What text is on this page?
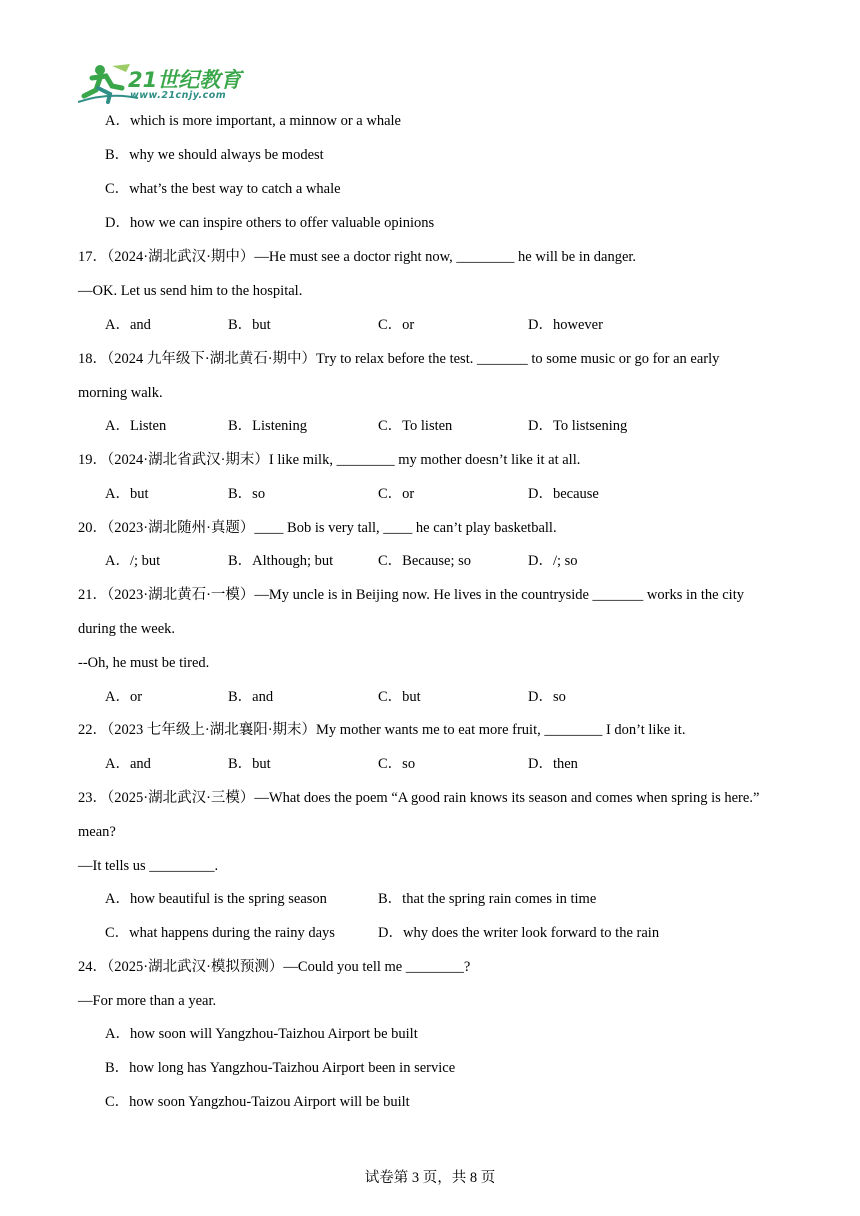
21世纪教育
www.21cnjy.com
A．which is more important, a minnow or a whale
B．why we should always be modest
C．what’s the best way to catch a whale
D．how we can inspire others to offer valuable opinions
17．（2024·湖北武汉·期中）—He must see a doctor right now, ________ he will be in danger.
—OK. Let us send him to the hospital.
A．and	B．but	C．or	D．however
18．（2024 九年级下·湖北黄石·期中）Try to relax before the test. _______ to some music or go for an early
morning walk.
A．Listen	B．Listening	C．To listen	D．To listsening
19．（2024·湖北省武汉·期末）I like milk, ________ my mother doesn’t like it at all.
A．but	B．so	C．or	D．because
20．（2023·湖北随州·真题）____ Bob is very tall, ____ he can’t play basketball.
A．/; but	B．Although; but	C．Because; so	D．/; so
21．（2023·湖北黄石·一模）—My uncle is in Beijing now. He lives in the countryside _______ works in the city
during the week.
--Oh, he must be tired.
A．or	B．and	C．but	D．so
22．（2023 七年级上·湖北襄阳·期末）My mother wants me to eat more fruit, ________ I don’t like it.
A．and	B．but	C．so	D．then
23．（2025·湖北武汉·三模）—What does the poem “A good rain knows its season and comes when spring is here.”
mean?
—It tells us _________.
A．how beautiful is the spring season	B．that the spring rain comes in time
C．what happens during the rainy days	D．why does the writer look forward to the rain
24．（2025·湖北武汉·模拟预测）—Could you tell me ________?
—For more than a year.
A．how soon will Yangzhou-Taizhou Airport be built
B．how long has Yangzhou-Taizhou Airport been in service
C．how soon Yangzhou-Taizou Airport will be built
试卷第 3 页，共 8 页
